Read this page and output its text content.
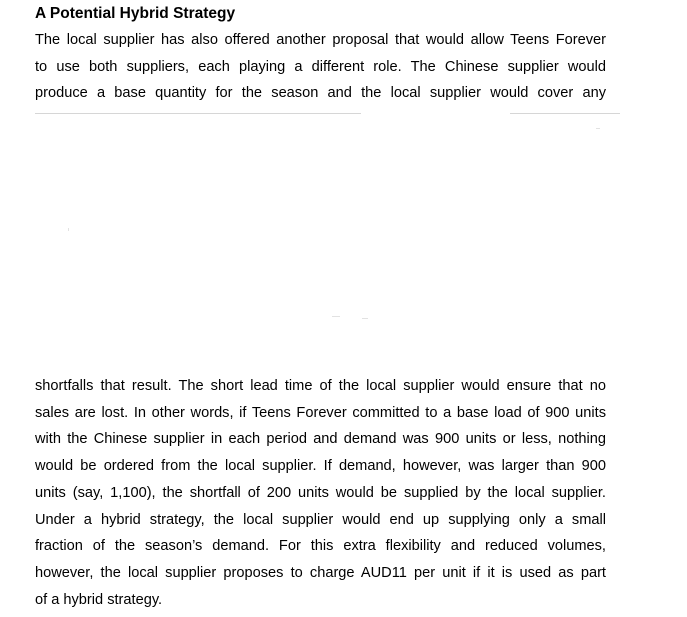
A Potential Hybrid Strategy

The local supplier has also offered another proposal that would allow Teens Forever
to use both suppliers, each playing a different role. The Chinese supplier would
produce a base quantity for the season and the local supplier would cover any

shortfalls that result. The short lead time of the local supplier would ensure that no
sales are lost. In other words, if Teens Forever committed to a base load of 900 units
with the Chinese supplier in each period and demand was 900 units or less, nothing
would be ordered from the local supplier. If demand, however, was larger than 900
units (say, 1,100), the shortfall of 200 units would be supplied by the local supplier.
Under a hybrid strategy, the local supplier would end up supplying only a small
fraction of the season’s demand. For this extra flexibility and reduced volumes,
however, the local supplier proposes to charge AUD11 per unit if it is used as part
of a hybrid strategy.
